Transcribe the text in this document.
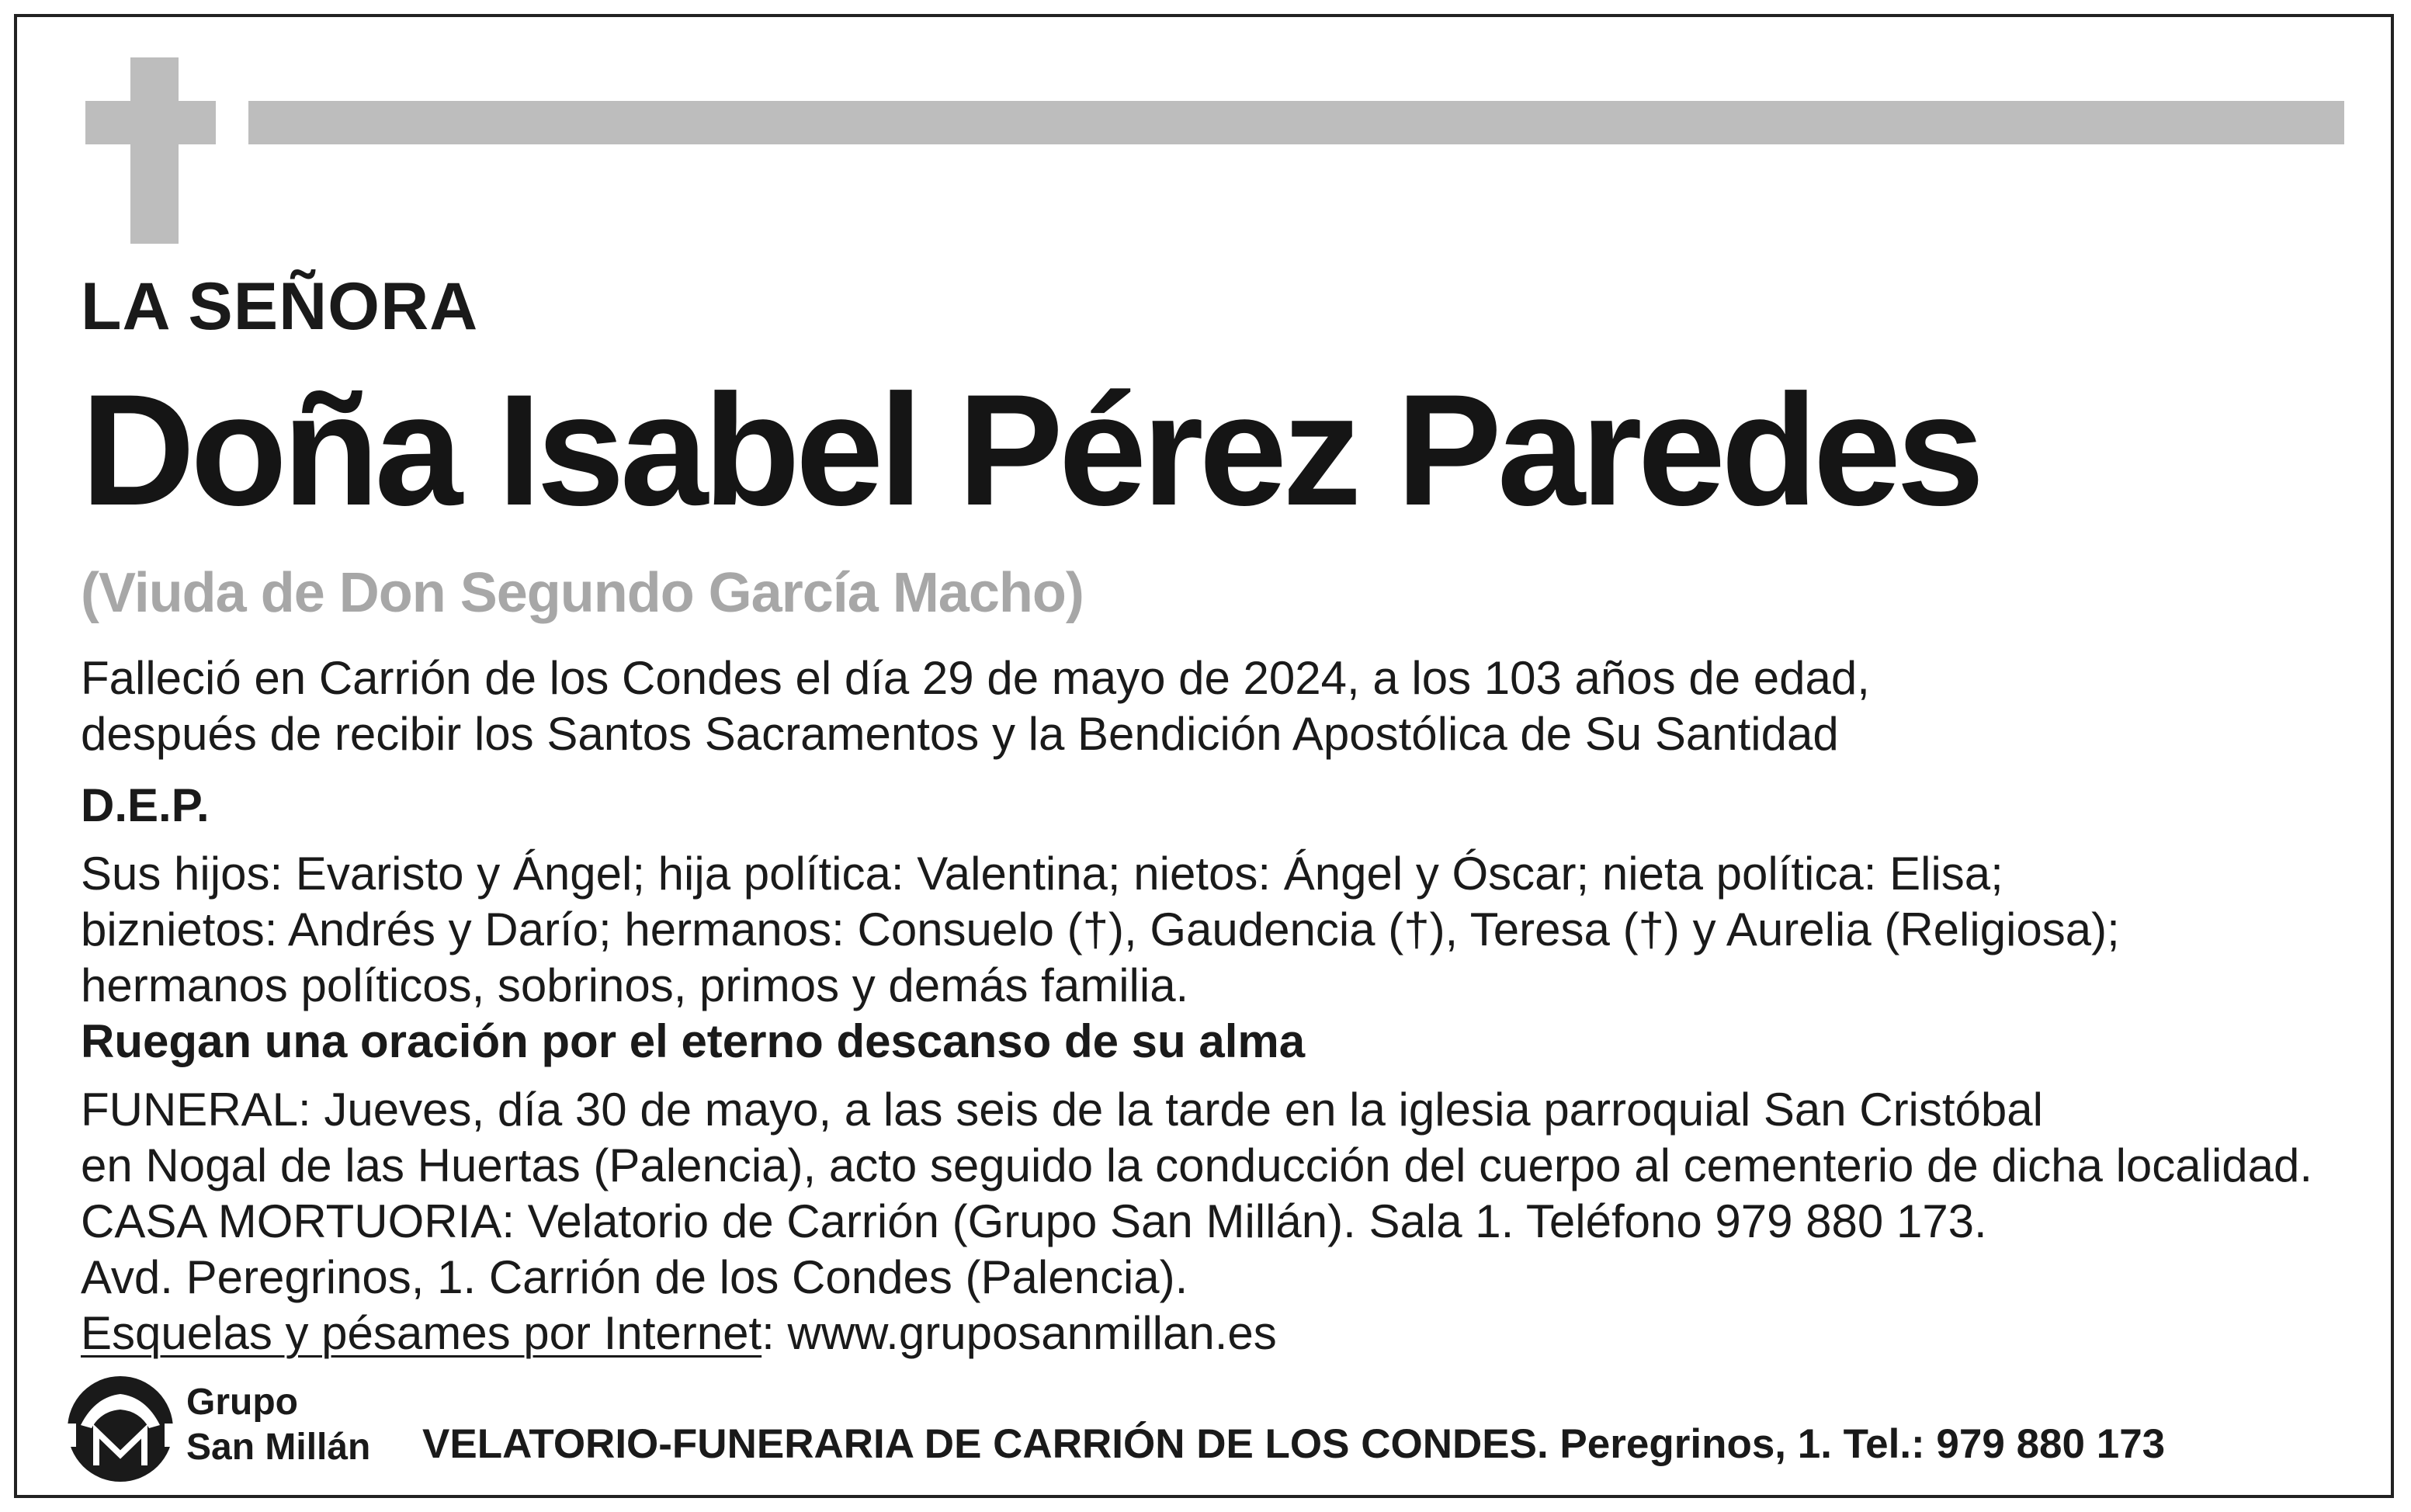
LA SEÑORA
Doña Isabel Pérez Paredes
(Viuda de Don Segundo García Macho)
Falleció en Carrión de los Condes el día 29 de mayo de 2024, a los 103 años de edad,
después de recibir los Santos Sacramentos y la Bendición Apostólica de Su Santidad
D.E.P.
Sus hijos: Evaristo y Ángel; hija política: Valentina; nietos: Ángel y Óscar; nieta política: Elisa;
biznietos: Andrés y Darío; hermanos: Consuelo (†), Gaudencia (†), Teresa (†) y Aurelia (Religiosa);
hermanos políticos, sobrinos, primos y demás familia.
Ruegan una oración por el eterno descanso de su alma
FUNERAL: Jueves, día 30 de mayo, a las seis de la tarde en la iglesia parroquial San Cristóbal
en Nogal de las Huertas (Palencia), acto seguido la conducción del cuerpo al cementerio de dicha localidad.
CASA MORTUORIA: Velatorio de Carrión (Grupo San Millán). Sala 1. Teléfono 979 880 173.
Avd. Peregrinos, 1. Carrión de los Condes (Palencia).
Esquelas y pésames por Internet: www.gruposanmillan.es
Grupo
San Millán VELATORIO-FUNERARIA DE CARRIÓN DE LOS CONDES. Peregrinos, 1. Tel.: 979 880 173
